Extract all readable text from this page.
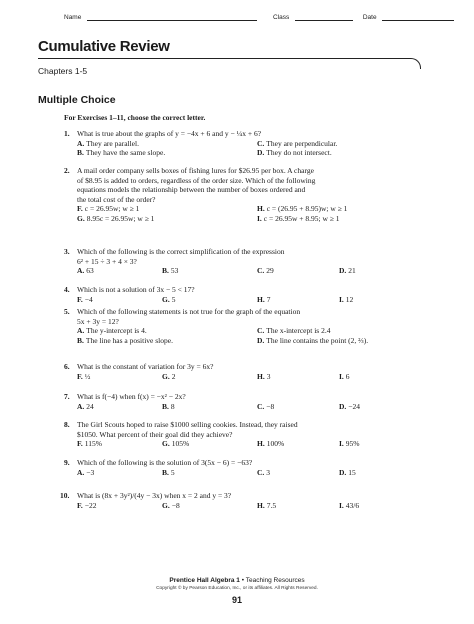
Name	Class	Date
Cumulative Review
Chapters 1-5
Multiple Choice
For Exercises 1–11, choose the correct letter.
1. What is true about the graphs of y = −4x + 6 and y − ¼x + 6?
A. They are parallel.	C. They are perpendicular.
B. They have the same slope.	D. They do not intersect.
2. A mail order company sells boxes of fishing lures for $26.95 per box. A charge
of $8.95 is added to orders, regardless of the order size. Which of the following
equations models the relationship between the number of boxes ordered and
the total cost of the order?
F. c = 26.95w; w ≥ 1	H. c = (26.95 + 8.95)w; w ≥ 1
G. 8.95c = 26.95w; w ≥ 1	I. c = 26.95w + 8.95; w ≥ 1
3. Which of the following is the correct simplification of the expression
6² + 15 ÷ 3 + 4 × 3?
A. 63	B. 53	C. 29	D. 21
4. Which is not a solution of 3x − 5 < 17?
F. −4	G. 5	H. 7	I. 12
5. Which of the following statements is not true for the graph of the equation
5x + 3y = 12?
A. The y-intercept is 4.	C. The x-intercept is 2.4
B. The line has a positive slope.	D. The line contains the point (2, ⅔).
6. What is the constant of variation for 3y = 6x?
F. ½	G. 2	H. 3	I. 6
7. What is f(−4) when f(x) = −x² − 2x?
A. 24	B. 8	C. −8	D. −24
8. The Girl Scouts hoped to raise $1000 selling cookies. Instead, they raised
$1050. What percent of their goal did they achieve?
F. 115%	G. 105%	H. 100%	I. 95%
9. Which of the following is the solution of 3(5x − 6) = −63?
A. −3	B. 5	C. 3	D. 15
10. What is (8x + 3y²)/(4y − 3x) when x = 2 and y = 3?
F. −22	G. −8	H. 7.5	I. 43/6
Prentice Hall Algebra 1 • Teaching Resources
Copyright © by Pearson Education, Inc., or its affiliates. All Rights Reserved.
91
